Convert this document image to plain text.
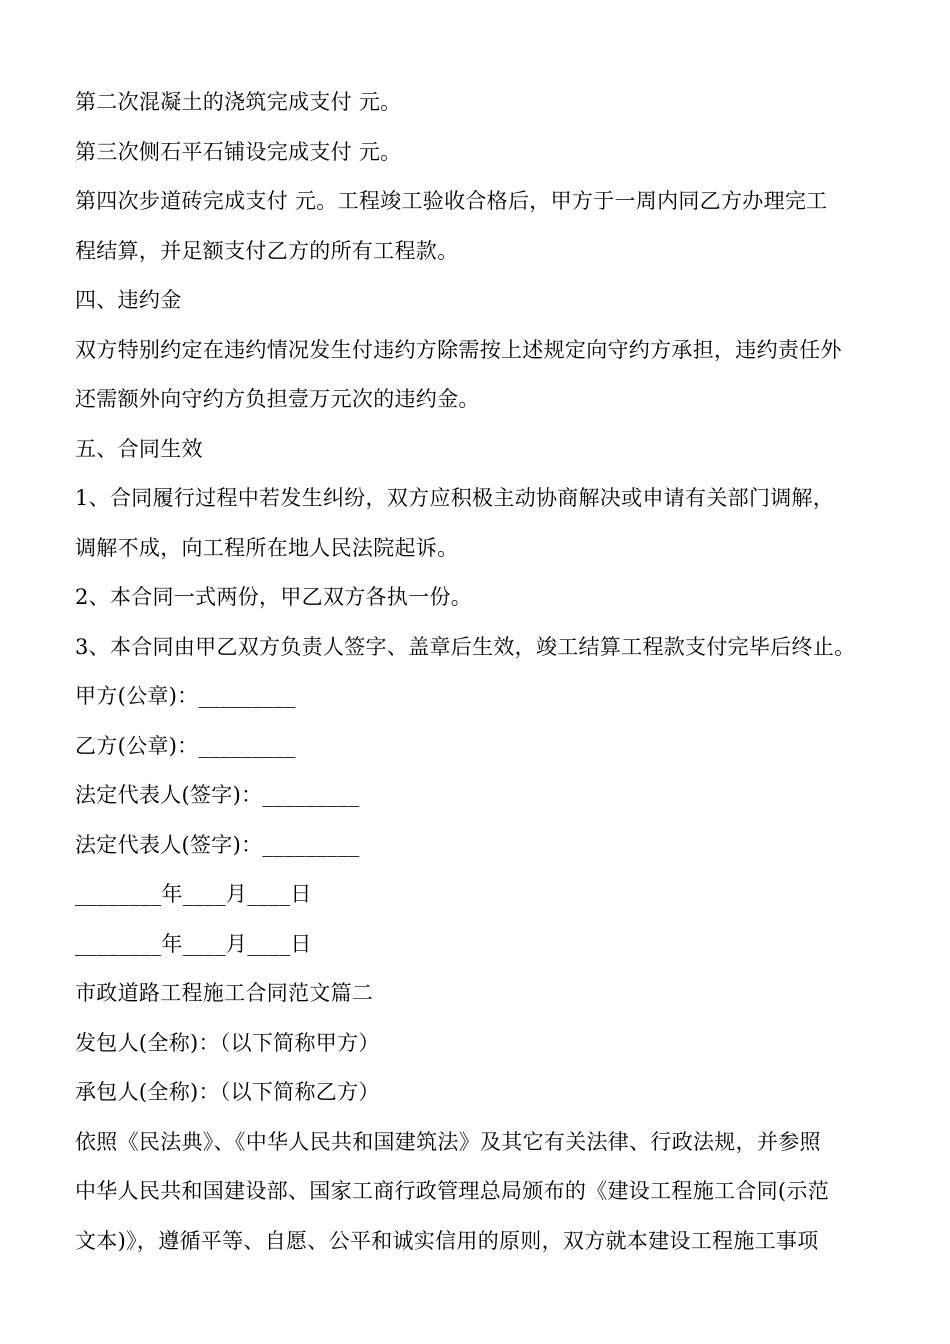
第二次混凝土的浇筑完成支付 元。
第三次侧石平石铺设完成支付 元。
第四次步道砖完成支付 元。工程竣工验收合格后，甲方于一周内同乙方办理完工
程结算，并足额支付乙方的所有工程款。
四、违约金
双方特别约定在违约情况发生付违约方除需按上述规定向守约方承担，违约责任外
还需额外向守约方负担壹万元次的违约金。
五、合同生效
1、合同履行过程中若发生纠纷，双方应积极主动协商解决或申请有关部门调解，
调解不成，向工程所在地人民法院起诉。
2、本合同一式两份，甲乙双方各执一份。
3、本合同由甲乙双方负责人签字、盖章后生效，竣工结算工程款支付完毕后终止。
甲方(公章)：_________
乙方(公章)：_________
法定代表人(签字)：_________
法定代表人(签字)：_________
________年____月____日
________年____月____日
市政道路工程施工合同范文篇二
发包人(全称)：（以下简称甲方）
承包人(全称)：（以下简称乙方）
依照《民法典》、《中华人民共和国建筑法》及其它有关法律、行政法规，并参照
中华人民共和国建设部、国家工商行政管理总局颁布的《建设工程施工合同(示范
文本)》，遵循平等、自愿、公平和诚实信用的原则，双方就本建设工程施工事项
